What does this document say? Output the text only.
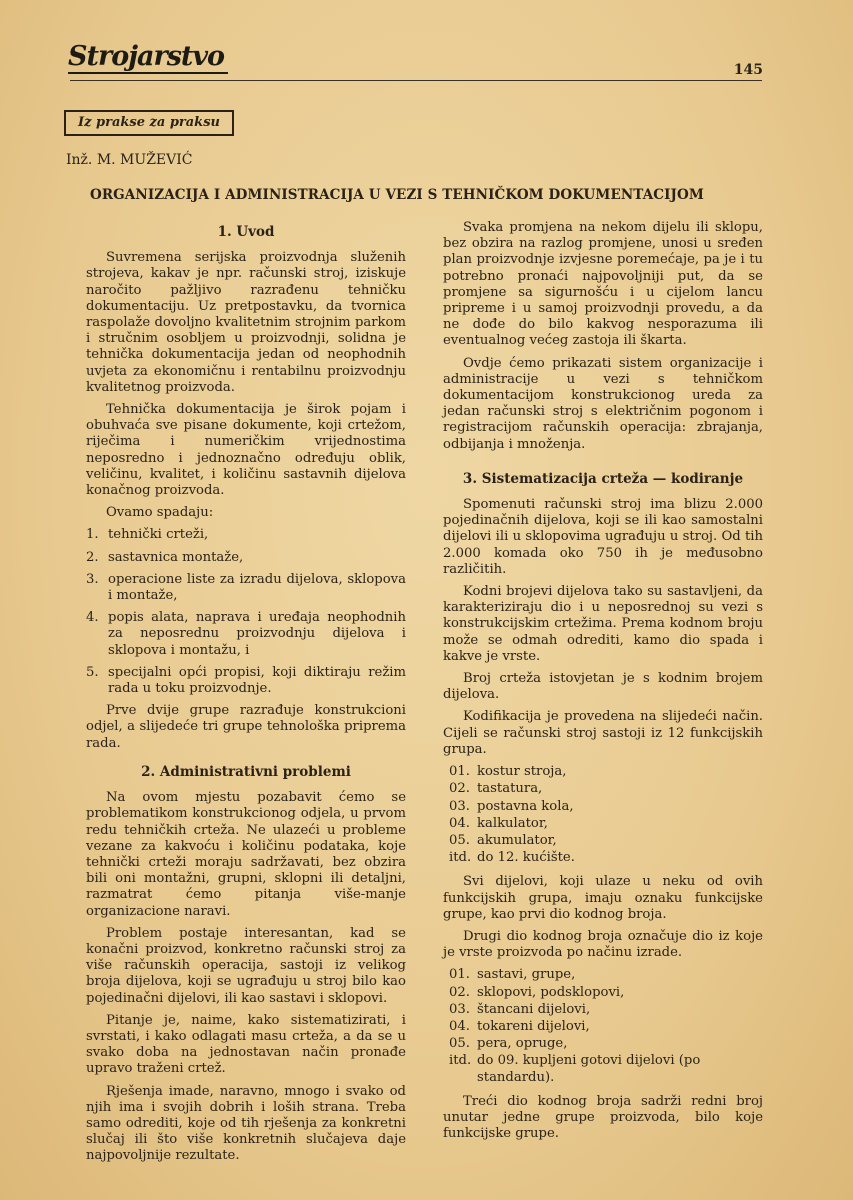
Strojarstvo	145
Iz prakse za praksu
Inž. M. MUŽEVIĆ
ORGANIZACIJA I ADMINISTRACIJA U VEZI S TEHNIČKOM DOKUMENTACIJOM
1. Uvod

Suvremena serijska proizvodnja služenih strojeva, kakav je npr. računski stroj, iziskuje naročito pažljivo razrađenu tehničku dokumentaciju. Uz pretpostavku, da tvornica raspolaže dovoljno kvalitetnim strojnim parkom i stručnim osobljem u proizvodnji, solidna je tehnička dokumentacija jedan od neophodnih uvjeta za ekonomičnu i rentabilnu proizvodnju kvalitetnog proizvoda.

Tehnička dokumentacija je širok pojam i obuhvaća sve pisane dokumente, koji crtežom, riječima i numeričkim vrijednostima neposredno i jednoznačno određuju oblik, veličinu, kvalitet, i količinu sastavnih dijelova konačnog proizvoda.

Ovamo spadaju:

1. tehnički crteži,
2. sastavnica montaže,
3. operacione liste za izradu dijelova, sklopova i montaže,
4. popis alata, naprava i uređaja neophodnih za neposrednu proizvodnju dijelova i sklopova i montažu, i
5. specijalni opći propisi, koji diktiraju režim rada u toku proizvodnje.

Prve dvije grupe razrađuje konstrukcioni odjel, a slijedeće tri grupe tehnološka priprema rada.

2. Administrativni problemi

Na ovom mjestu pozabavit ćemo se problematikom konstrukcionog odjela, u prvom redu tehničkih crteža. Ne ulazeći u probleme vezane za kakvoću i količinu podataka, koje tehnički crteži moraju sadržavati, bez obzira bili oni montažni, grupni, sklopni ili detaljni, razmatrat ćemo pitanja više-manje organizacione naravi.

Problem postaje interesantan, kad se konačni proizvod, konkretno računski stroj za više računskih operacija, sastoji iz velikog broja dijelova, koji se ugrađuju u stroj bilo kao pojedinačni dijelovi, ili kao sastavi i sklopovi.

Pitanje je, naime, kako sistematizirati, i svrstati, i kako odlagati masu crteža, a da se u svako doba na jednostavan način pronađe upravo traženi crtež.

Rješenja imade, naravno, mnogo i svako od njih ima i svojih dobrih i loših strana. Treba samo odrediti, koje od tih rješenja za konkretni slučaj ili što više konkretnih slučajeva daje najpovoljnije rezultate.

Svaka promjena na nekom dijelu ili sklopu, bez obzira na razlog promjene, unosi u sređen plan proizvodnje izvjesne poremećaje, pa je i tu potrebno pronaći najpovoljniji put, da se promjene sa sigurnošću i u cijelom lancu pripreme i u samoj proizvodnji provedu, a da ne dođe do bilo kakvog nesporazuma ili eventualnog većeg zastoja ili škarta.

Ovdje ćemo prikazati sistem organizacije i administracije u vezi s tehničkom dokumentacijom konstrukcionog ureda za jedan računski stroj s električnim pogonom i registracijom računskih operacija: zbrajanja, odbijanja i množenja.

3. Sistematizacija crteža — kodiranje

Spomenuti računski stroj ima blizu 2.000 pojedinačnih dijelova, koji se ili kao samostalni dijelovi ili u sklopovima ugrađuju u stroj. Od tih 2.000 komada oko 750 ih je međusobno različitih.

Kodni brojevi dijelova tako su sastavljeni, da karakteriziraju dio i u neposrednoj su vezi s konstrukcijskim crtežima. Prema kodnom broju može se odmah odrediti, kamo dio spada i kakve je vrste.

Broj crteža istovjetan je s kodnim brojem dijelova.

Kodifikacija je provedena na slijedeći način. Cijeli se računski stroj sastoji iz 12 funkcijskih grupa.

01. kostur stroja,
02. tastatura,
03. postavna kola,
04. kalkulator,
05. akumulator,
itd. do 12. kućište.

Svi dijelovi, koji ulaze u neku od ovih funkcijskih grupa, imaju oznaku funkcijske grupe, kao prvi dio kodnog broja.

Drugi dio kodnog broja označuje dio iz koje je vrste proizvoda po načinu izrade.

01. sastavi, grupe,
02. sklopovi, podsklopovi,
03. štancani dijelovi,
04. tokareni dijelovi,
05. pera, opruge,
itd. do 09. kupljeni gotovi dijelovi (po standardu).

Treći dio kodnog broja sadrži redni broj unutar jedne grupe proizvoda, bilo koje funkcijske grupe.
